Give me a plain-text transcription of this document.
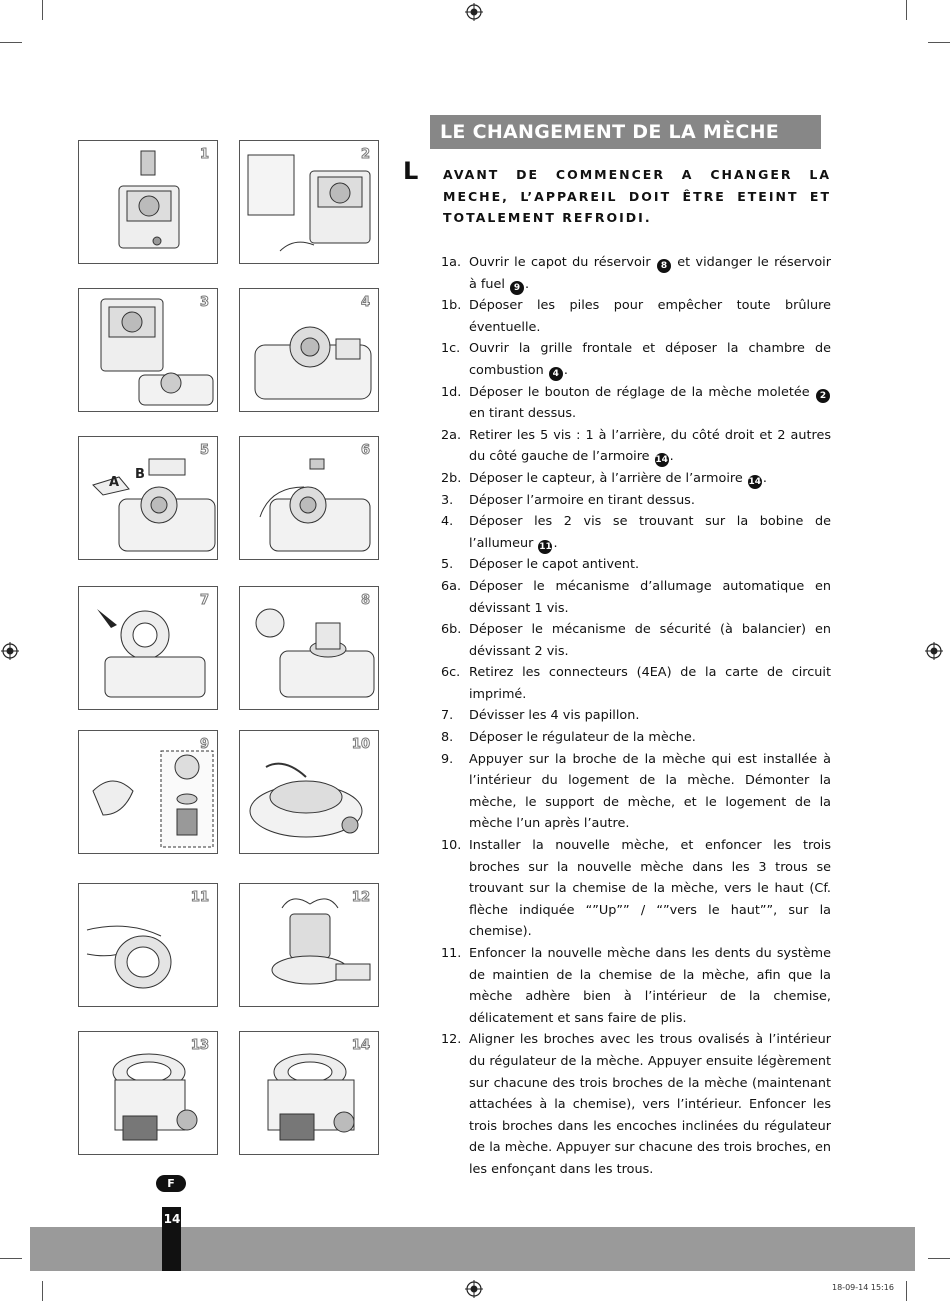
1	2
3	4
5
A
B
6
7	8
9	10
11	12
13	14
LE CHANGEMENT DE LA MÈCHE
L AVANT DE COMMENCER A CHANGER LA MECHE, L’APPAREIL DOIT ÊTRE ETEINT ET TOTALEMENT REFROIDI.
1a. Ouvrir le capot du réservoir 8 et vidanger le réservoir à fuel 9 .
1b. Déposer les piles pour empêcher toute brûlure éventuelle.
1c. Ouvrir la grille frontale et déposer la chambre de combustion 4 .
1d. Déposer le bouton de réglage de la mèche moletée 2 en tirant dessus.
2a. Retirer les 5 vis : 1 à l’arrière, du côté droit et 2 autres du côté gauche de l’armoire 14 .
2b. Déposer le capteur, à l’arrière de l’armoire 14 .
3. Déposer l’armoire en tirant dessus.
4. Déposer les 2 vis se trouvant sur la bobine de l’allumeur 11 .
5. Déposer le capot antivent.
6a. Déposer le mécanisme d’allumage automatique en dévissant 1 vis.
6b. Déposer le mécanisme de sécurité (à balancier) en dévissant 2 vis.
6c. Retirez les connecteurs (4EA) de la carte de circuit imprimé.
7. Dévisser les 4 vis papillon.
8. Déposer le régulateur de la mèche.
9. Appuyer sur la broche de la mèche qui est installée à l’intérieur du logement de la mèche. Démonter la mèche, le support de mèche, et le logement de la mèche l’un après l’autre.
10. Installer la nouvelle mèche, et enfoncer les trois broches sur la nouvelle mèche dans les 3 trous se trouvant sur la chemise de la mèche, vers le haut (Cf. flèche indiquée “”Up”” / “”vers le haut””, sur la chemise).
11. Enfoncer la nouvelle mèche dans les dents du système de maintien de la chemise de la mèche, afin que la mèche adhère bien à l’intérieur de la chemise, délicatement et sans faire de plis.
12. Aligner les broches avec les trous ovalisés à l’intérieur du régulateur de la mèche. Appuyer ensuite légèrement sur chacune des trois broches de la mèche (maintenant attachées à la chemise), vers l’intérieur. Enfoncer les trois broches dans les encoches inclinées du régulateur de la mèche. Appuyer sur chacune des trois broches, en les enfonçant dans les trous.
14
F
18-09-14 15:16
